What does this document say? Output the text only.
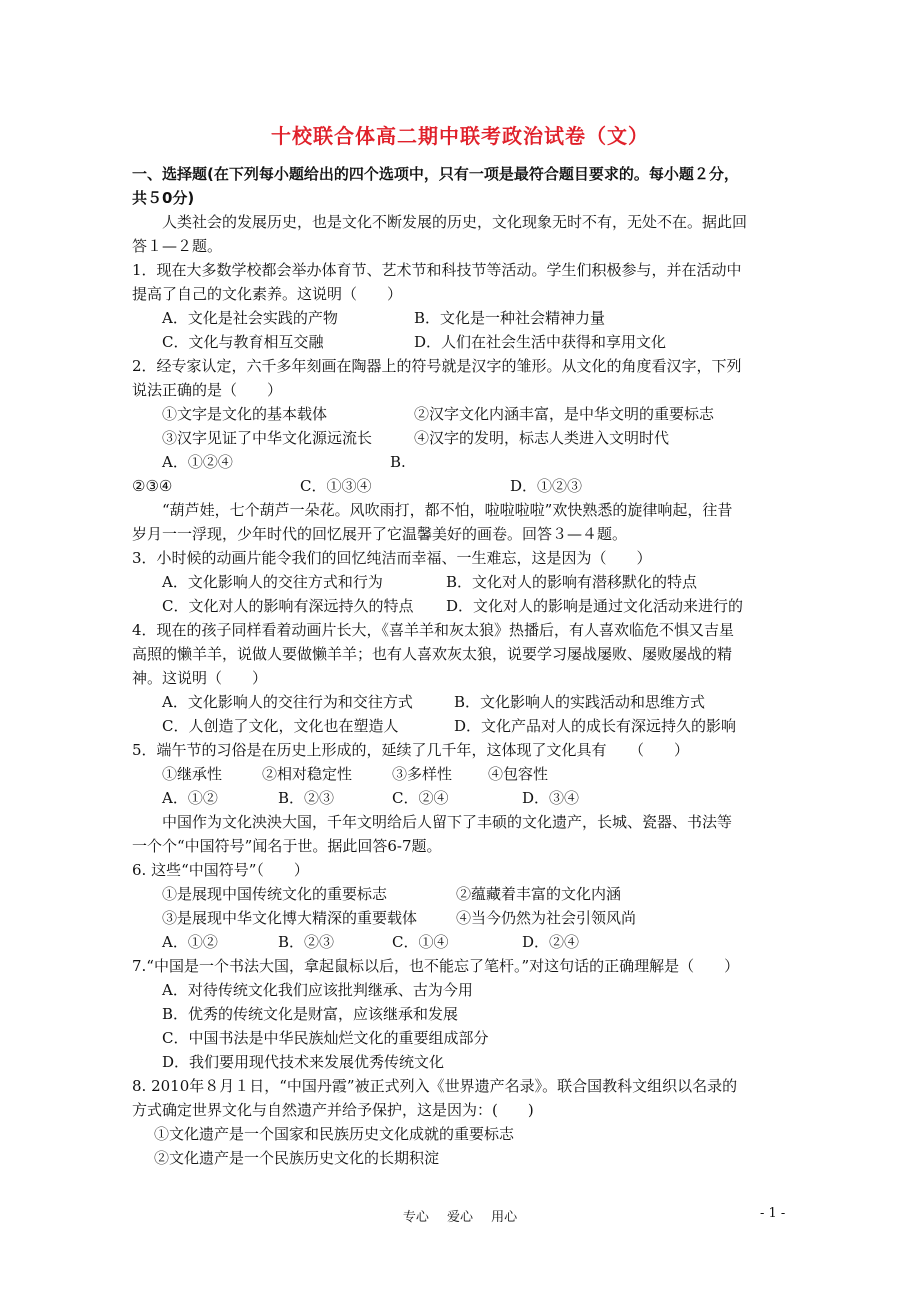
十校联合体高二期中联考政治试卷（文）
一、选择题(在下列每小题给出的四个选项中，只有一项是最符合题目要求的。每小题２分，
共５0分)
人类社会的发展历史，也是文化不断发展的历史，文化现象无时不有，无处不在。据此回
答１—２题。
1．现在大多数学校都会举办体育节、艺术节和科技节等活动。学生们积极参与，并在活动中
提高了自己的文化素养。这说明（　　）
A．文化是社会实践的产物	B．文化是一种社会精神力量
C．文化与教育相互交融	D．人们在社会生活中获得和享用文化
2．经专家认定，六千多年刻画在陶器上的符号就是汉字的雏形。从文化的角度看汉字，下列
说法正确的是（　　）
①文字是文化的基本载体	②汉字文化内涵丰富，是中华文明的重要标志
③汉字见证了中华文化源远流长	④汉字的发明，标志人类进入文明时代
A．①②④	B.
②③④	C．①③④	D．①②③
“葫芦娃，七个葫芦一朵花。风吹雨打，都不怕，啦啦啦啦”欢快熟悉的旋律响起，往昔
岁月一一浮现，少年时代的回忆展开了它温馨美好的画卷。回答３—４题。
3．小时候的动画片能令我们的回忆纯洁而幸福、一生难忘，这是因为（　　）
A．文化影响人的交往方式和行为	B．文化对人的影响有潜移默化的特点
C．文化对人的影响有深远持久的特点 D．文化对人的影响是通过文化活动来进行的
4．现在的孩子同样看着动画片长大，《喜羊羊和灰太狼》热播后，有人喜欢临危不惧又吉星
高照的懒羊羊，说做人要做懒羊羊；也有人喜欢灰太狼，说要学习屡战屡败、屡败屡战的精
神。这说明（　　）
A．文化影响人的交往行为和交往方式	B．文化影响人的实践活动和思维方式
C．人创造了文化，文化也在塑造人	D．文化产品对人的成长有深远持久的影响
5．端午节的习俗是在历史上形成的，延续了几千年，这体现了文化具有　　（　　）
①继承性	②相对稳定性	③多样性 ④包容性
A．①②	B．②③	C．②④	D．③④
中国作为文化泱泱大国，千年文明给后人留下了丰硕的文化遗产，长城、瓷器、书法等
一个个“中国符号”闻名于世。据此回答6-7题。
6. 这些“中国符号”（　　）
①是展现中国传统文化的重要标志	②蕴藏着丰富的文化内涵
③是展现中华文化博大精深的重要载体	④当今仍然为社会引领风尚
A．①②	B．②③	C．①④	D．②④
7.“中国是一个书法大国，拿起鼠标以后，也不能忘了笔杆。”对这句话的正确理解是（　　）
A．对待传统文化我们应该批判继承、古为今用
B．优秀的传统文化是财富，应该继承和发展
C．中国书法是中华民族灿烂文化的重要组成部分
D．我们要用现代技术来发展优秀传统文化
8. 2010年８月１日，“中国丹霞”被正式列入《世界遗产名录》。联合国教科文组织以名录的
方式确定世界文化与自然遗产并给予保护，这是因为：(　　)
①文化遗产是一个国家和民族历史文化成就的重要标志
②文化遗产是一个民族历史文化的长期积淀
专心 爱心 用心	- 1 -
